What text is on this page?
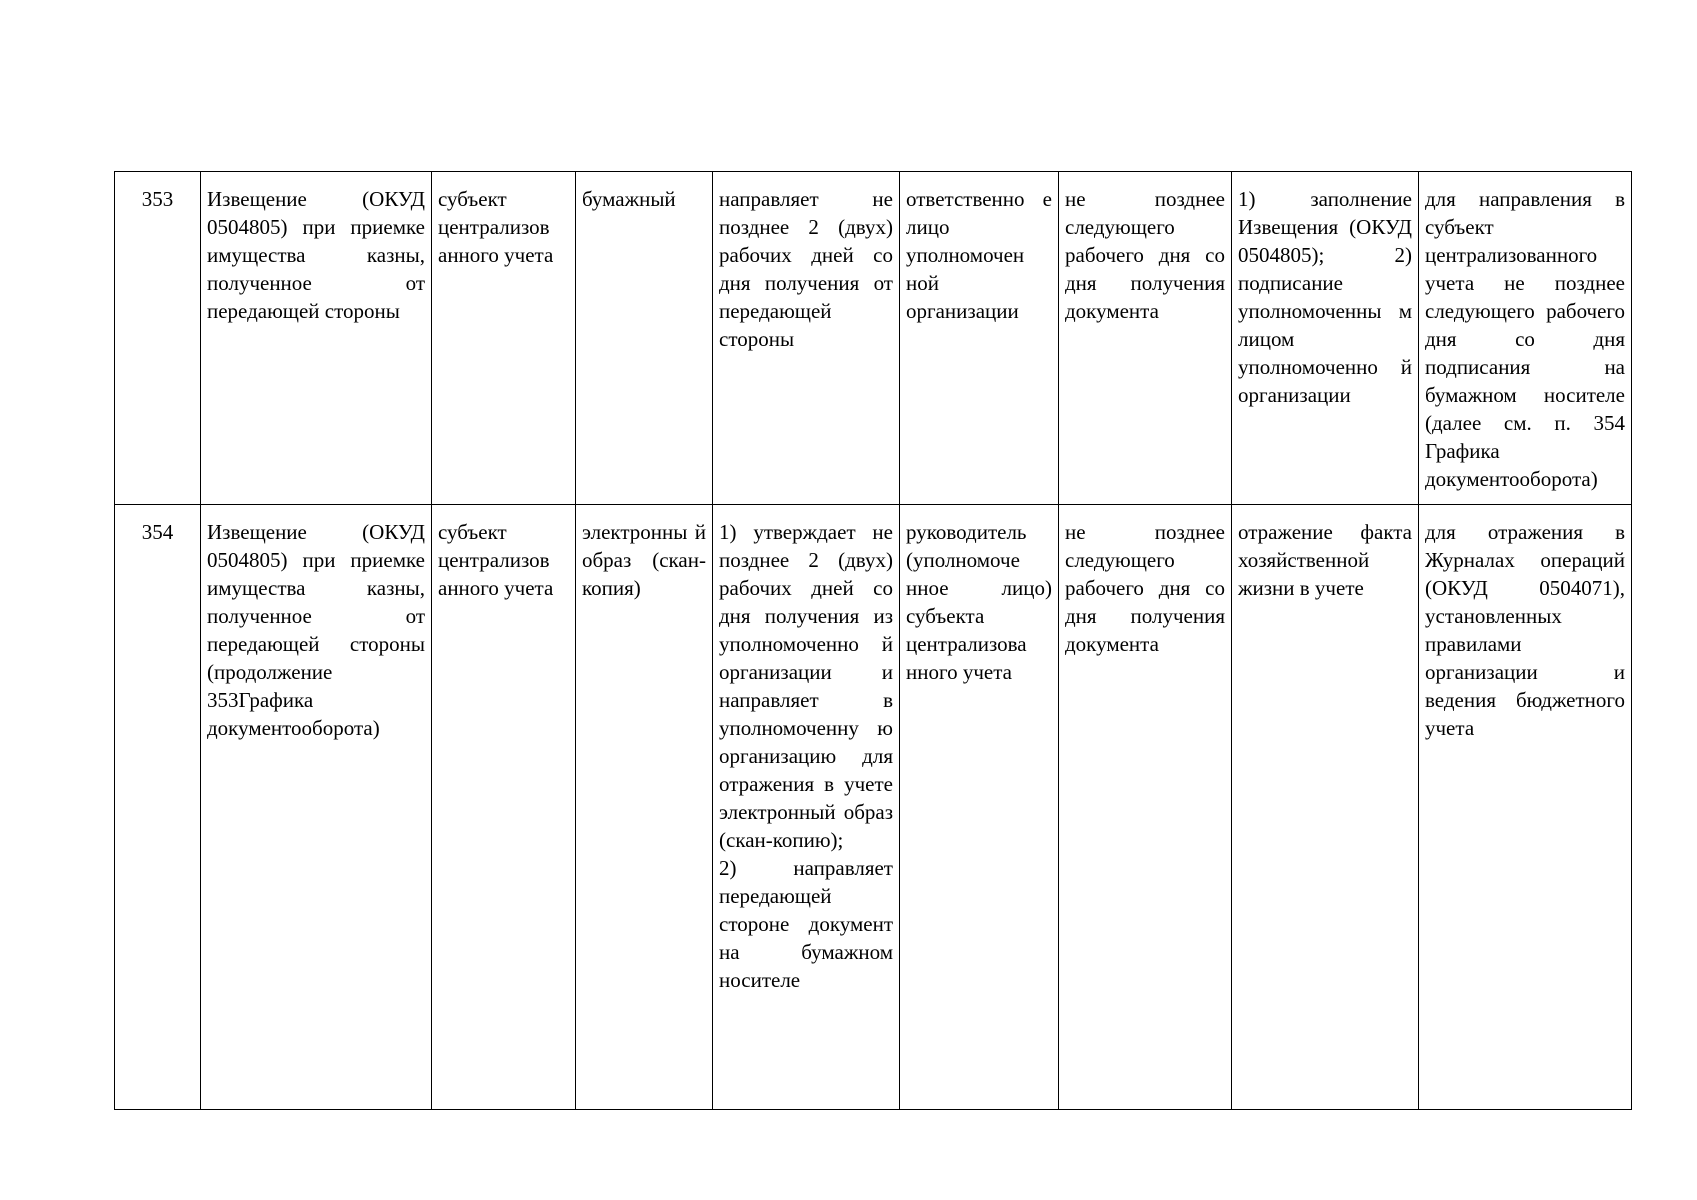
353	Извещение (ОКУД 0504805) при приемке имущества казны, полученное от передающей стороны	субъект централизов анного учета	бумажный	направляет не позднее 2 (двух) рабочих дней со дня получения от передающей стороны	ответственно е лицо уполномочен ной организации	не позднее следующего рабочего дня со дня получения документа	1) заполнение Извещения (ОКУД 0504805); 2) подписание уполномоченны м лицом уполномоченно й организации	для направления в субъект централизованного учета не позднее следующего рабочего дня со дня подписания на бумажном носителе (далее см. п. 354 Графика документооборота)
354	Извещение (ОКУД 0504805) при приемке имущества казны, полученное от передающей стороны (продолжение 353Графика документооборота)	субъект централизов анного учета	электронны й образ (скан-копия)	1) утверждает не позднее 2 (двух) рабочих дней со дня получения из уполномоченно й организации и направляет в уполномоченну ю организацию для отражения в учете электронный образ (скан-копию);
2) направляет передающей стороне документ на бумажном носителе	руководитель (уполномоче нное лицо) субъекта централизова нного учета	не позднее следующего рабочего дня со дня получения документа	отражение факта хозяйственной жизни в учете	для отражения в Журналах операций (ОКУД 0504071), установленных правилами организации и ведения бюджетного учета
